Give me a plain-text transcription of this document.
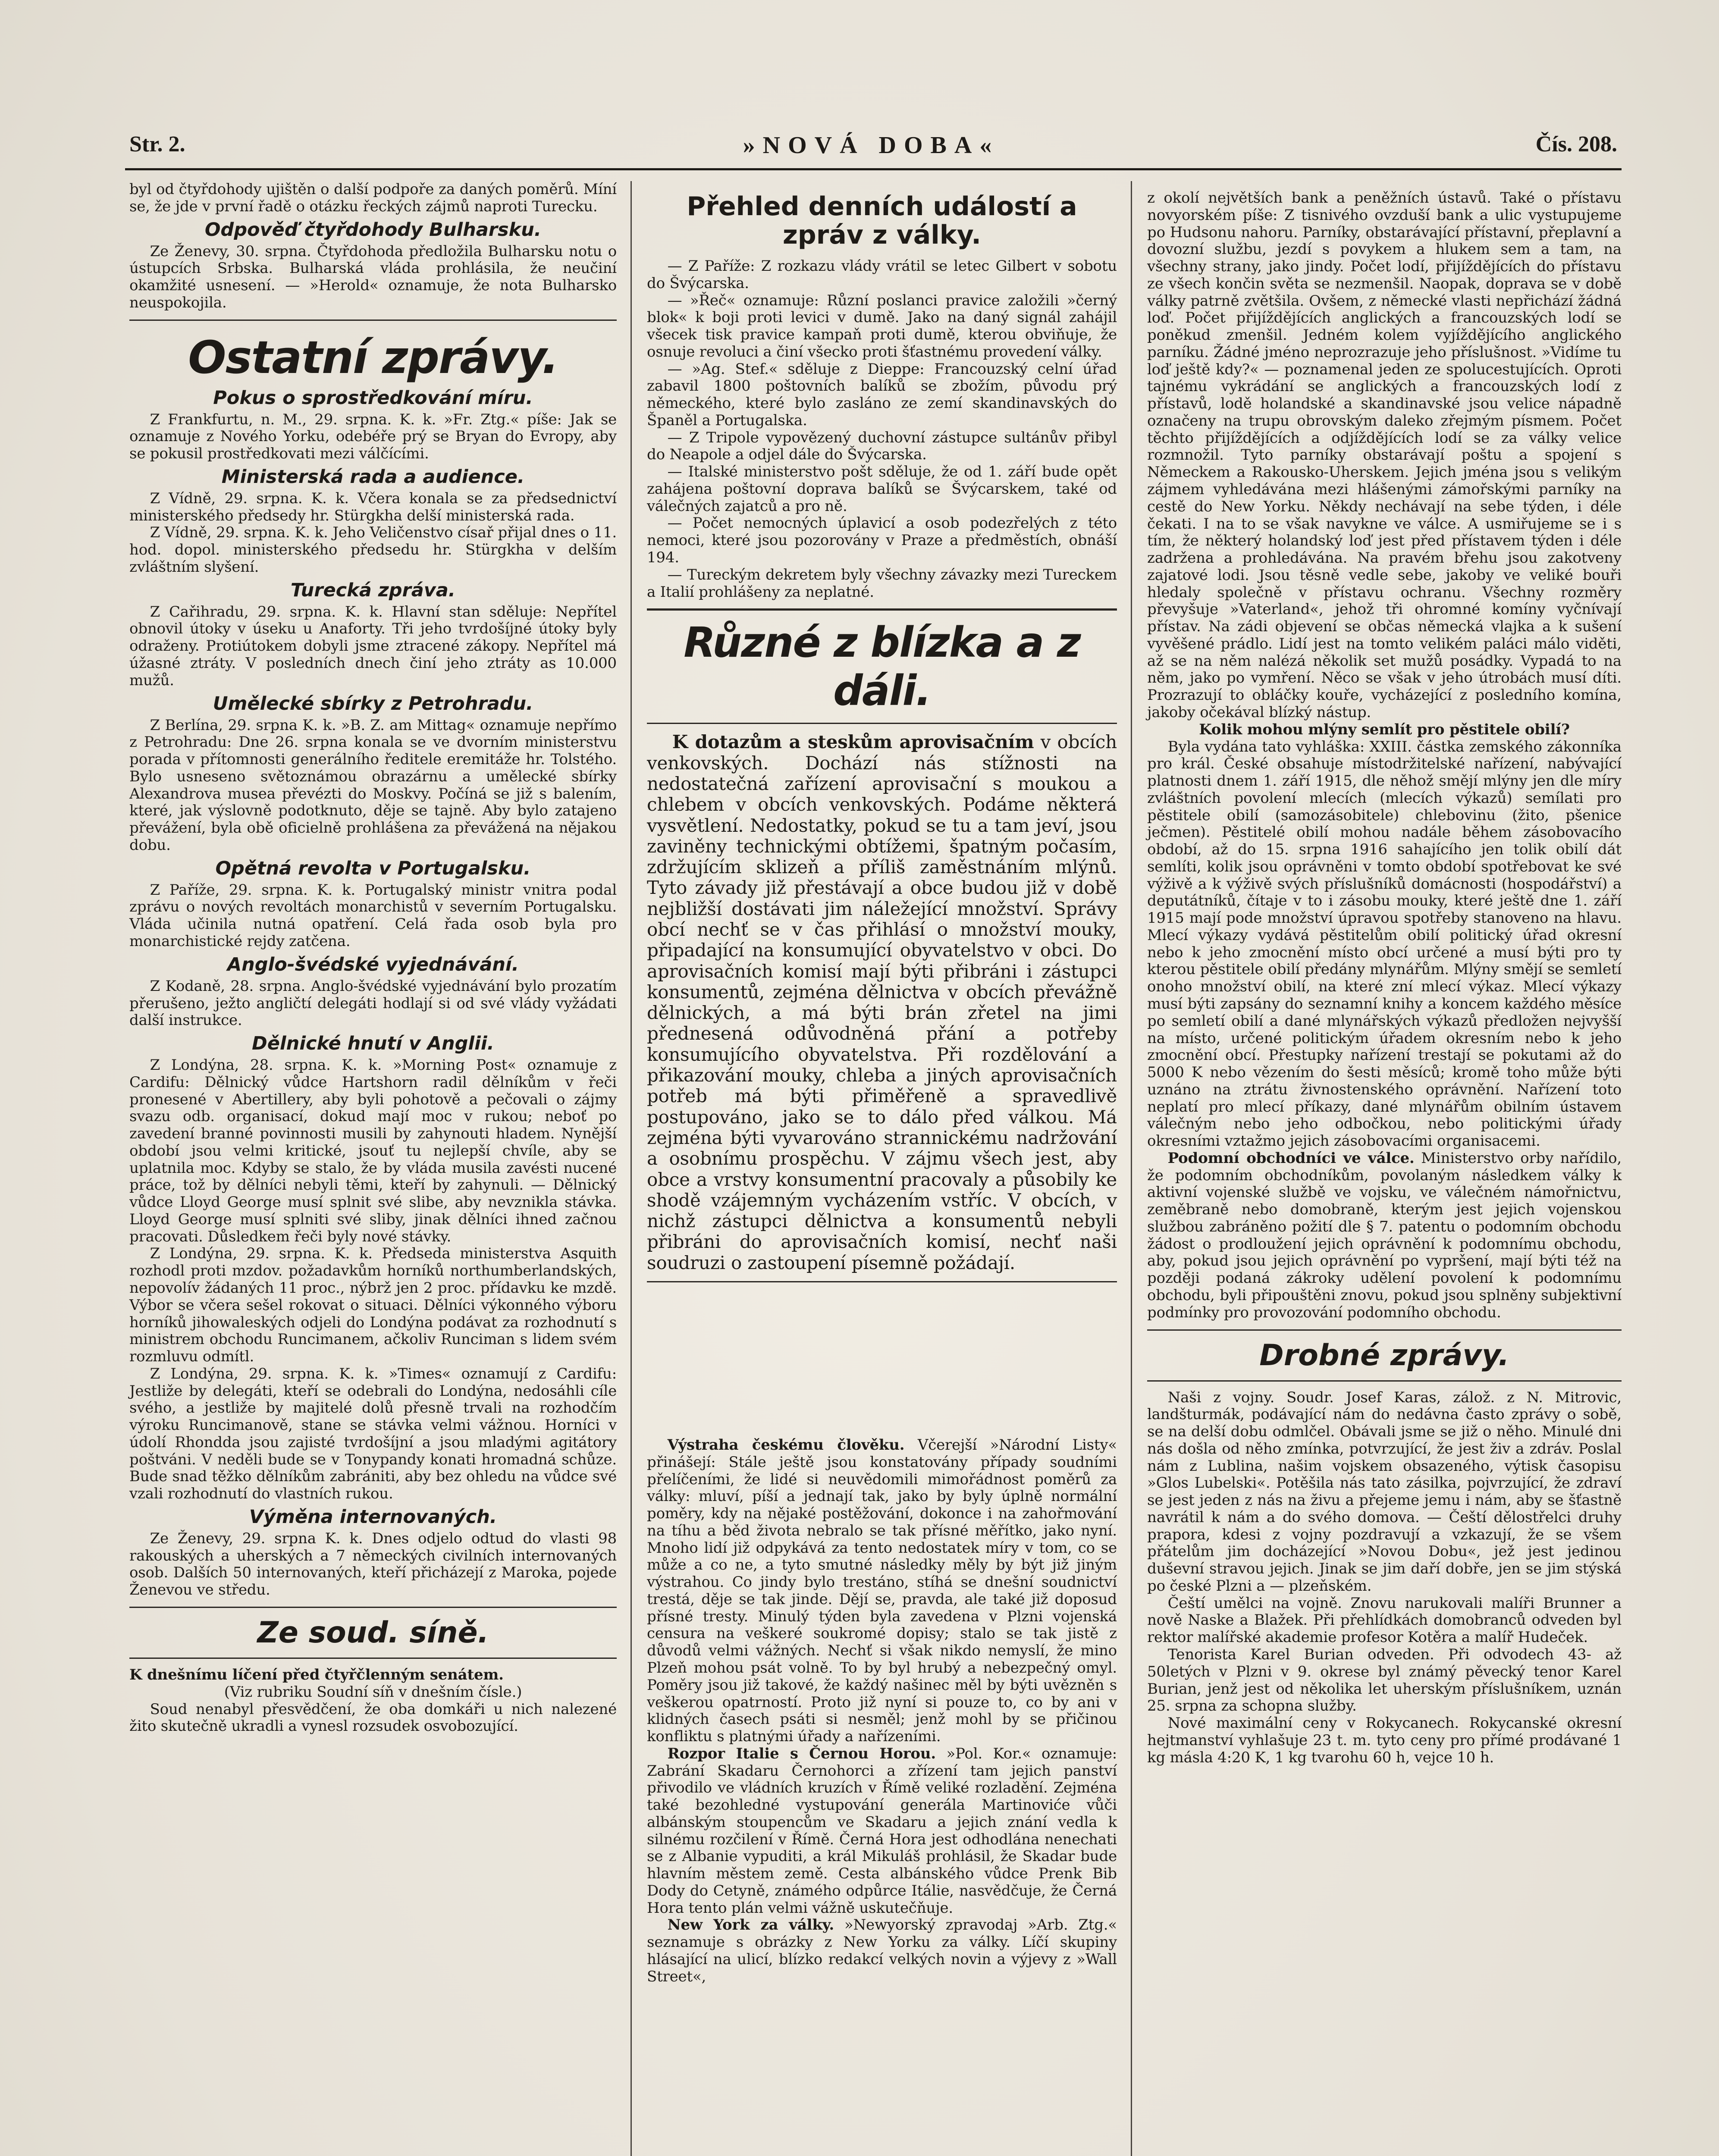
Str. 2.	»NOVÁ DOBA«	Čís. 208.

byl od čtyřdohody ujištěn o další podpoře za daných poměrů. Míní se, že jde v první řadě o otázku řeckých zájmů naproti Turecku.

Odpověď čtyřdohody Bulharsku.

Ze Ženevy, 30. srpna. Čtyřdohoda předložila Bulharsku notu o ústupcích Srbska. Bulharská vláda prohlásila, že neučiní okamžité usnesení. — »Herold« oznamuje, že nota Bulharsko neuspokojila.

Ostatní zprávy.
Pokus o sprostředkování míru.

Z Frankfurtu, n. M., 29. srpna. K. k. »Fr. Ztg.« píše: Jak se oznamuje z Nového Yorku, odebéře prý se Bryan do Evropy, aby se pokusil prostředkovati mezi válčícími.

Ministerská rada a audience.

Z Vídně, 29. srpna. K. k. Včera konala se za předsednictví ministerského předsedy hr. Stürgkha delší ministerská rada.

Z Vídně, 29. srpna. K. k. Jeho Veličenstvo císař přijal dnes o 11. hod. dopol. ministerského předsedu hr. Stürgkha v delším zvláštním slyšení.

Turecká zpráva.

Z Cařihradu, 29. srpna. K. k. Hlavní stan sděluje: Nepřítel obnovil útoky v úseku u Anaforty. Tři jeho tvrdošíjné útoky byly odraženy. Protiútokem dobyli jsme ztracené zákopy. Nepřítel má úžasné ztráty. V posledních dnech činí jeho ztráty as 10.000 mužů.

Umělecké sbírky z Petrohradu.

Z Berlína, 29. srpna K. k. »B. Z. am Mittag« oznamuje nepřímo z Petrohradu: Dne 26. srpna konala se ve dvorním ministerstvu porada v přítomnosti generálního ředitele eremitáže hr. Tolstého. Bylo usneseno světoznámou obrazárnu a umělecké sbírky Alexandrova musea převézti do Moskvy. Počíná se již s balením, které, jak výslovně podotknuto, děje se tajně. Aby bylo zatajeno převážení, byla obě oficielně prohlášena za převážená na nějakou dobu.

Opětná revolta v Portugalsku.

Z Paříže, 29. srpna. K. k. Portugalský ministr vnitra podal zprávu o nových revoltách monarchistů v severním Portugalsku. Vláda učinila nutná opatření. Celá řada osob byla pro monarchistické rejdy zatčena.

Anglo-švédské vyjednávání.

Z Kodaně, 28. srpna. Anglo-švédské vyjednávání bylo prozatím přerušeno, ježto angličtí delegáti hodlají si od své vlády vyžádati další instrukce.

Dělnické hnutí v Anglii.

Z Londýna, 28. srpna. K. k. »Morning Post« oznamuje z Cardifu: Dělnický vůdce Hartshorn radil dělníkům v řeči pronesené v Abertillery, aby byli pohotově a pečovali o zájmy svazu odb. organisací, dokud mají moc v rukou; neboť po zavedení branné povinnosti musili by zahynouti hladem. Nynější období jsou velmi kritické, jsouť tu nejlepší chvíle, aby se uplatnila moc. Kdyby se stalo, že by vláda musila zavésti nucené práce, tož by dělníci nebyli těmi, kteří by zahynuli. — Dělnický vůdce Lloyd George musí splnit své slibe, aby nevznikla stávka. Lloyd George musí splniti své sliby, jinak dělníci ihned začnou pracovati. Důsledkem řeči byly nové stávky.

Z Londýna, 29. srpna. K. k. Předseda ministerstva Asquith rozhodl proti mzdov. požadavkům horníků northumberlandských, nepovolív žádaných 11 proc., nýbrž jen 2 proc. přídavku ke mzdě. Výbor se včera sešel rokovat o situaci. Dělníci výkonného výboru horníků jihowaleských odjeli do Londýna podávat za rozhodnutí s ministrem obchodu Runcimanem, ačkoliv Runciman s lidem svém rozmluvu odmítl.

Z Londýna, 29. srpna. K. k. »Times« oznamují z Cardifu: Jestliže by delegáti, kteří se odebrali do Londýna, nedosáhli cíle svého, a jestliže by majitelé dolů přesně trvali na rozhodčím výroku Runcimanově, stane se stávka velmi vážnou. Horníci v údolí Rhondda jsou zajisté tvrdošíjní a jsou mladými agitátory poštváni. V neděli bude se v Tonypandy konati hromadná schůze. Bude snad těžko dělníkům zabrániti, aby bez ohledu na vůdce své vzali rozhodnutí do vlastních rukou.

Výměna internovaných.

Ze Ženevy, 29. srpna K. k. Dnes odjelo odtud do vlasti 98 rakouských a uherských a 7 německých civilních internovaných osob. Dalších 50 internovaných, kteří přicházejí z Maroka, pojede Ženevou ve středu.

Ze soud. síně.

K dnešnímu líčení před čtyřčlenným senátem.

(Viz rubriku Soudní síň v dnešním čísle.)

Soud nenabyl přesvědčení, že oba domkáři u nich nalezené žito skutečně ukradli a vynesl rozsudek osvobozující.

Přehled denních událostí a zpráv z války.

— Z Paříže: Z rozkazu vlády vrátil se letec Gilbert v sobotu do Švýcarska.

— »Řeč« oznamuje: Různí poslanci pravice založili »černý blok« k boji proti levici v dumě. Jako na daný signál zahájil všecek tisk pravice kampaň proti dumě, kterou obviňuje, že osnuje revoluci a činí všecko proti šťastnému provedení války.

— »Ag. Stef.« sděluje z Dieppe: Francouzský celní úřad zabavil 1800 poštovních balíků se zbožím, původu prý německého, které bylo zasláno ze zemí skandinavských do Španěl a Portugalska.

— Z Tripole vypovězený duchovní zástupce sultánův přibyl do Neapole a odjel dále do Švýcarska.

— Italské ministerstvo pošt sděluje, že od 1. září bude opět zahájena poštovní doprava balíků se Švýcarskem, také od válečných zajatců a pro ně.

— Počet nemocných úplavicí a osob podezřelých z této nemoci, které jsou pozorovány v Praze a předměstích, obnáší 194.

— Tureckým dekretem byly všechny závazky mezi Tureckem a Italií prohlášeny za neplatné.

Různé z blízka a z dáli.

K dotazům a steskům aprovisačním v obcích venkovských. Dochází nás stížnosti na nedostatečná zařízení aprovisační s moukou a chlebem v obcích venkovských. Podáme některá vysvětlení. Nedostatky, pokud se tu a tam jeví, jsou zaviněny technickými obtížemi, špatným počasím, zdržujícím sklizeň a příliš zaměstnáním mlýnů. Tyto závady již přestávají a obce budou již v době nejbližší dostávati jim náležející množství. Správy obcí nechť se v čas přihlásí o množství mouky, připadající na konsumující obyvatelstvo v obci. Do aprovisačních komisí mají býti přibráni i zástupci konsumentů, zejména dělnictva v obcích převážně dělnických, a má býti brán zřetel na jimi přednesená odůvodněná přání a potřeby konsumujícího obyvatelstva. Při rozdělování a přikazování mouky, chleba a jiných aprovisačních potřeb má býti přiměřeně a spravedlivě postupováno, jako se to dálo před válkou. Má zejména býti vyvarováno strannickému nadržování a osobnímu prospěchu. V zájmu všech jest, aby obce a vrstvy konsumentní pracovaly a působily ke shodě vzájemným vycházením vstříc. V obcích, v nichž zástupci dělnictva a konsumentů nebyli přibráni do aprovisačních komisí, nechť naši soudruzi o zastoupení písemně požádají.

Výstraha českému člověku. Včerejší »Národní Listy« přinášejí: Stále ještě jsou konstatovány případy soudními přelíčeními, že lidé si neuvědomili mimořádnost poměrů za války: mluví, píší a jednají tak, jako by byly úplně normální poměry, kdy na nějaké postěžování, dokonce i na zahořmování na tíhu a běd života nebralo se tak přísné měřítko, jako nyní. Mnoho lidí již odpykává za tento nedostatek míry v tom, co se může a co ne, a tyto smutné následky měly by být již jiným výstrahou. Co jindy bylo trestáno, stíhá se dnešní soudnictví trestá, děje se tak jinde. Dějí se, pravda, ale také již doposud přísné tresty. Minulý týden byla zavedena v Plzni vojenská censura na veškeré soukromé dopisy; stalo se tak jistě z důvodů velmi vážných. Nechť si však nikdo nemyslí, že mino Plzeň mohou psát volně. To by byl hrubý a nebezpečný omyl. Poměry jsou již takové, že každý našinec měl by býti uvězněn s veškerou opatrností. Proto již nyní si pouze to, co by ani v klidných časech psáti si nesměl; jenž mohl by se přičinou konfliktu s platnými úřady a nařízeními.

Rozpor Italie s Černou Horou. »Pol. Kor.« oznamuje: Zabrání Skadaru Černohorci a zřízení tam jejich panství přivodilo ve vládních kruzích v Římě veliké rozladění. Zejména také bezohledné vystupování generála Martinoviće vůči albánským stoupencům ve Skadaru a jejich znání vedla k silnému rozčilení v Římě. Černá Hora jest odhodlána nenechati se z Albanie vypuditi, a král Mikuláš prohlásil, že Skadar bude hlavním městem země. Cesta albánského vůdce Prenk Bib Dody do Cetyně, známého odpůrce Itálie, nasvědčuje, že Černá Hora tento plán velmi vážně uskutečňuje.

New York za války. »Newyorský zpravodaj »Arb. Ztg.« seznamuje s obrázky z New Yorku za války. Líčí skupiny hlásající na ulicí, blízko redakcí velkých novin a výjevy z »Wall Street«,

z okolí největších bank a peněžních ústavů. Také o přístavu novyorském píše: Z tisnivého ovzduší bank a ulic vystupujeme po Hudsonu nahoru. Parníky, obstarávající přístavní, přeplavní a dovozní službu, jezdí s povykem a hlukem sem a tam, na všechny strany, jako jindy. Počet lodí, přijíždějících do přístavu ze všech končin světa se nezmenšil. Naopak, doprava se v době války patrně zvětšila. Ovšem, z německé vlasti nepřichází žádná loď. Počet přijíždějících anglických a francouzských lodí se poněkud zmenšil. Jedném kolem vyjíždějícího anglického parníku. Žádné jméno neprozrazuje jeho příslušnost. »Vidíme tu loď ještě kdy?« — poznamenal jeden ze spolucestujících. Oproti tajnému vykrádání se anglických a francouzských lodí z přístavů, lodě holandské a skandinavské jsou velice nápadně označeny na trupu obrovským daleko zřejmým písmem. Počet těchto přijíždějících a odjíždějících lodí se za války velice rozmnožil. Tyto parníky obstarávají poštu a spojení s Německem a Rakousko-Uherskem. Jejich jména jsou s velikým zájmem vyhledávána mezi hlášenými zámořskými parníky na cestě do New Yorku. Někdy nechávají na sebe týden, i déle čekati. I na to se však navykne ve válce. A usmiřujeme se i s tím, že některý holandský loď jest před přístavem týden i déle zadržena a prohledávána. Na pravém břehu jsou zakotveny zajatové lodi. Jsou těsně vedle sebe, jakoby ve veliké bouři hledaly společně v přístavu ochranu. Všechny rozměry převyšuje »Vaterland«, jehož tři ohromné komíny vyčnívají přístav. Na zádi objevení se občas německá vlajka a k sušení vyvěšené prádlo. Lidí jest na tomto velikém paláci málo viděti, až se na něm nalézá několik set mužů posádky. Vypadá to na něm, jako po vymření. Něco se však v jeho útrobách musí díti. Prozrazují to obláčky kouře, vycházející z posledního komína, jakoby očekával blízký nástup.

Kolik mohou mlýny semlít pro pěstitele obilí?

Byla vydána tato vyhláška: XXIII. částka zemského zákonníka pro král. České obsahuje místodržitelské nařízení, nabývající platnosti dnem 1. září 1915, dle něhož smějí mlýny jen dle míry zvláštních povolení mlecích (mlecích výkazů) semílati pro pěstitele obilí (samozásobitele) chlebovinu (žito, pšenice ječmen). Pěstitelé obilí mohou nadále během zásobovacího období, až do 15. srpna 1916 sahajícího jen tolik obilí dát semlíti, kolik jsou oprávněni v tomto období spotřebovat ke své výživě a k výživě svých příslušníků domácnosti (hospodářství) a deputátníků, čítaje v to i zásobu mouky, které ještě dne 1. září 1915 mají pode množství úpravou spotřeby stanoveno na hlavu. Mlecí výkazy vydává pěstitelům obilí politický úřad okresní nebo k jeho zmocnění místo obcí určené a musí býti pro ty kterou pěstitele obilí předány mlynářům. Mlýny smějí se semletí onoho množství obilí, na které zní mlecí výkaz. Mlecí výkazy musí býti zapsány do seznamní knihy a koncem každého měsíce po semletí obilí a dané mlynářských výkazů předložen nejvyšší na místo, určené politickým úřadem okresním nebo k jeho zmocnění obcí. Přestupky nařízení trestají se pokutami až do 5000 K nebo vězením do šesti měsíců; kromě toho může býti uznáno na ztrátu živnostenského oprávnění. Nařízení toto neplatí pro mlecí příkazy, dané mlynářům obilním ústavem válečným nebo jeho odbočkou, nebo politickými úřady okresními vztažmo jejich zásobovacími organisacemi.

Podomní obchodníci ve válce. Ministerstvo orby nařídilo, že podomním obchodníkům, povolaným následkem války k aktivní vojenské službě ve vojsku, ve válečném námořnictvu, zeměbraně nebo domobraně, kterým jest jejich vojenskou službou zabráněno požití dle § 7. patentu o podomním obchodu žádost o prodloužení jejich oprávnění k podomnímu obchodu, aby, pokud jsou jejich oprávnění po vypršení, mají býti též na později podaná zákroky udělení povolení k podomnímu obchodu, byli připouštěni znovu, pokud jsou splněny subjektivní podmínky pro provozování podomního obchodu.

Drobné zprávy.

Naši z vojny. Soudr. Josef Karas, zálož. z N. Mitrovic, landšturmák, podávající nám do nedávna často zprávy o sobě, se na delší dobu odmlčel. Obávali jsme se již o něho. Minulé dni nás došla od něho zmínka, potvrzující, že jest živ a zdráv. Poslal nám z Lublina, našim vojskem obsazeného, výtisk časopisu »Glos Lubelski«. Potěšila nás tato zásilka, pojvrzující, že zdraví se jest jeden z nás na živu a přejeme jemu i nám, aby se šťastně navrátil k nám a do svého domova. — Čeští dělostřelci druhy prapora, kdesi z vojny pozdravují a vzkazují, že se všem přátelům jim docházející »Novou Dobu«, jež jest jedinou duševní stravou jejich. Jinak se jim daří dobře, jen se jim stýská po české Plzni a — plzeňském.

Čeští umělci na vojně. Znovu narukovali malíři Brunner a nově Naske a Blažek. Při přehlídkách domobranců odveden byl rektor malířské akademie profesor Kotěra a malíř Hudeček.

Tenorista Karel Burian odveden. Při odvodech 43- až 50letých v Plzni v 9. okrese byl známý pěvecký tenor Karel Burian, jenž jest od několika let uherským příslušníkem, uznán 25. srpna za schopna služby.

Nové maximální ceny v Rokycanech. Rokycanské okresní hejtmanství vyhlašuje 23 t. m. tyto ceny pro přímé prodávané 1 kg másla 4:20 K, 1 kg tvarohu 60 h, vejce 10 h.
